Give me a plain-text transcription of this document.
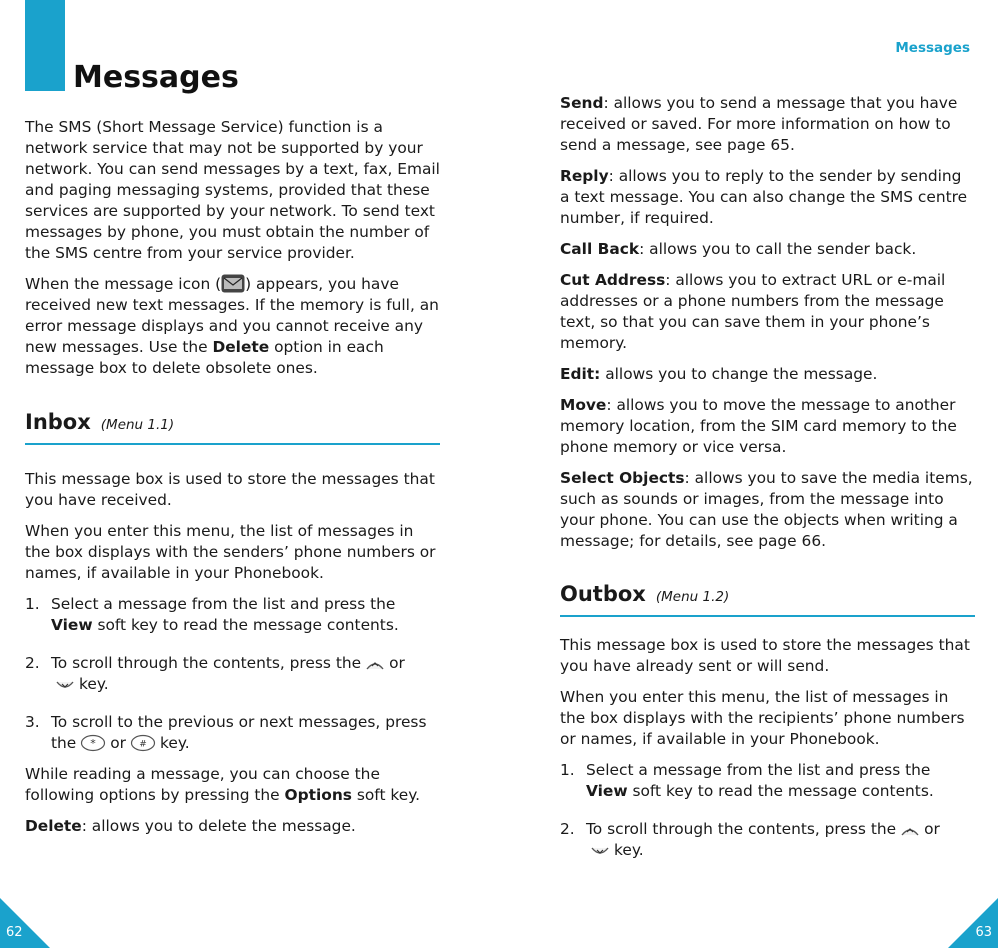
Messages

The SMS (Short Message Service) function is a network service that may not be supported by your network. You can send messages by a text, fax, Email and paging messaging systems, provided that these services are supported by your network. To send text messages by phone, you must obtain the number of the SMS centre from your service provider.

When the message icon ( ) appears, you have received new text messages. If the memory is full, an error message displays and you cannot receive any new messages. Use the Delete option in each message box to delete obsolete ones.

Inbox (Menu 1.1)

This message box is used to store the messages that you have received.

When you enter this menu, the list of messages in the box displays with the senders’ phone numbers or names, if available in your Phonebook.

1. Select a message from the list and press the View soft key to read the message contents.
2. To scroll through the contents, press the or
key.
3. To scroll to the previous or next messages, press the * or # key.

While reading a message, you can choose the following options by pressing the Options soft key.

Delete: allows you to delete the message.

62
Messages

Send: allows you to send a message that you have received or saved. For more information on how to send a message, see page 65.

Reply: allows you to reply to the sender by sending a text message. You can also change the SMS centre number, if required.

Call Back: allows you to call the sender back.

Cut Address: allows you to extract URL or e-mail addresses or a phone numbers from the message text, so that you can save them in your phone’s memory.

Edit: allows you to change the message.

Move: allows you to move the message to another memory location, from the SIM card memory to the phone memory or vice versa.

Select Objects: allows you to save the media items, such as sounds or images, from the message into your phone. You can use the objects when writing a message; for details, see page 66.

Outbox (Menu 1.2)

This message box is used to store the messages that you have already sent or will send.

When you enter this menu, the list of messages in the box displays with the recipients’ phone numbers or names, if available in your Phonebook.

1. Select a message from the list and press the View soft key to read the message contents.
2. To scroll through the contents, press the or
key.
63
